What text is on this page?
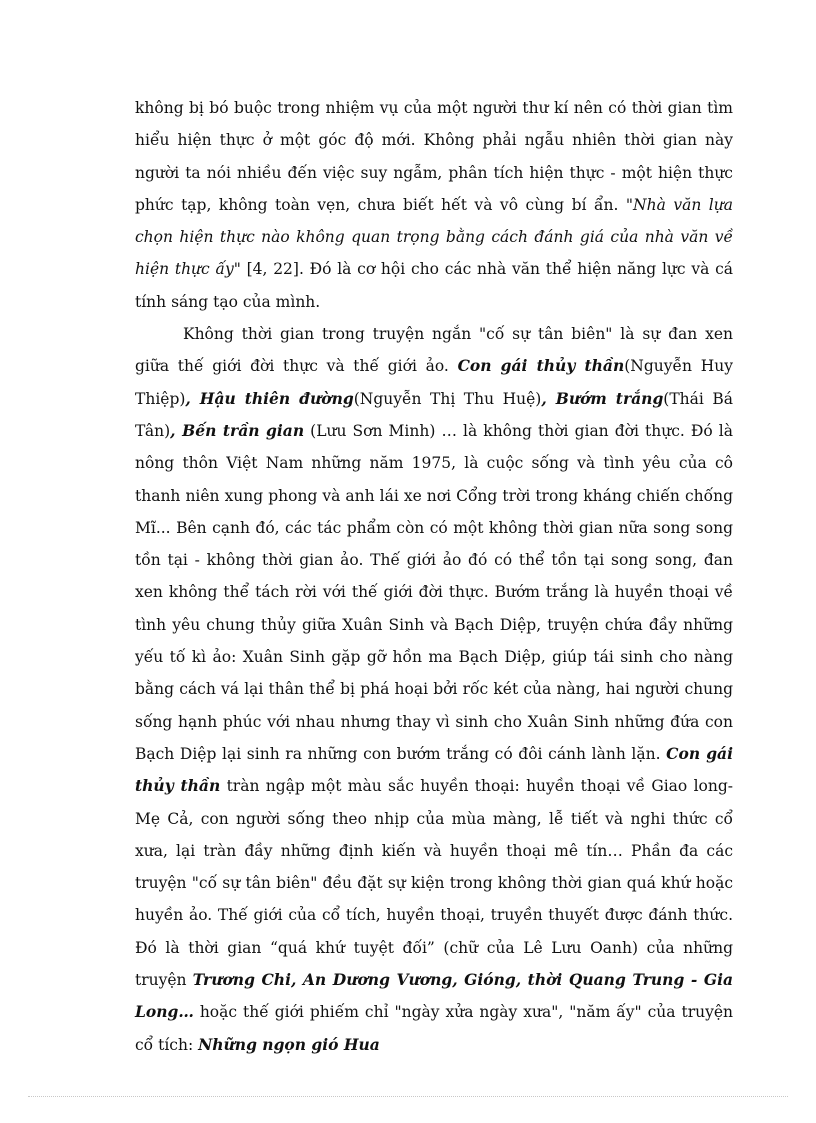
không bị bó buộc trong nhiệm vụ của một người thư kí nên có thời gian tìm hiểu hiện thực ở một góc độ mới. Không phải ngẫu nhiên thời gian này người ta nói nhiều đến việc suy ngẫm, phân tích hiện thực - một hiện thực phức tạp, không toàn vẹn, chưa biết hết và vô cùng bí ẩn. "Nhà văn lựa chọn hiện thực nào không quan trọng bằng cách đánh giá của nhà văn về hiện thực ấy" [4, 22]. Đó là cơ hội cho các nhà văn thể hiện năng lực và cá tính sáng tạo của mình.

Không thời gian trong truyện ngắn "cố sự tân biên" là sự đan xen giữa thế giới đời thực và thế giới ảo. Con gái thủy thần(Nguyễn Huy Thiệp), Hậu thiên đường(Nguyễn Thị Thu Huệ), Bướm trắng(Thái Bá Tân), Bến trần gian (Lưu Sơn Minh) … là không thời gian đời thực. Đó là nông thôn Việt Nam những năm 1975, là cuộc sống và tình yêu của cô thanh niên xung phong và anh lái xe nơi Cổng trời trong kháng chiến chống Mĩ... Bên cạnh đó, các tác phẩm còn có một không thời gian nữa song song tồn tại - không thời gian ảo. Thế giới ảo đó có thể tồn tại song song, đan xen không thể tách rời với thế giới đời thực. Bướm trắng là huyền thoại về tình yêu chung thủy giữa Xuân Sinh và Bạch Diệp, truyện chứa đầy những yếu tố kì ảo: Xuân Sinh gặp gỡ hồn ma Bạch Diệp, giúp tái sinh cho nàng bằng cách vá lại thân thể bị phá hoại bởi rốc két của nàng, hai người chung sống hạnh phúc với nhau nhưng thay vì sinh cho Xuân Sinh những đứa con Bạch Diệp lại sinh ra những con bướm trắng có đôi cánh lành lặn. Con gái thủy thần tràn ngập một màu sắc huyền thoại: huyền thoại về Giao long- Mẹ Cả, con người sống theo nhịp của mùa màng, lễ tiết và nghi thức cổ xưa, lại tràn đầy những định kiến và huyền thoại mê tín… Phần đa các truyện "cố sự tân biên" đều đặt sự kiện trong không thời gian quá khứ hoặc huyền ảo. Thế giới của cổ tích, huyền thoại, truyền thuyết được đánh thức. Đó là thời gian “quá khứ tuyệt đối” (chữ của Lê Lưu Oanh) của những truyện Trương Chi, An Dương Vương, Gióng, thời Quang Trung - Gia Long… hoặc thế giới phiếm chỉ "ngày xửa ngày xưa", "năm ấy" của truyện cổ tích: Những ngọn gió Hua
